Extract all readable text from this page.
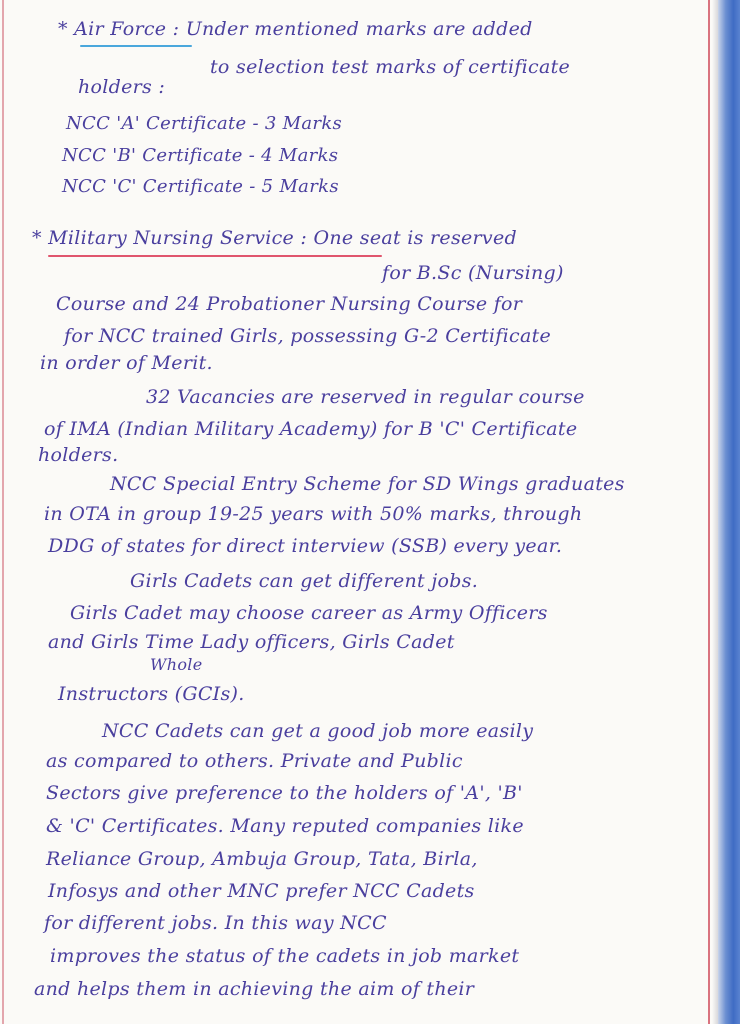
* Air Force : Under mentioned marks are added
to selection test marks of certificate
holders :
NCC 'A' Certificate - 3 Marks
NCC 'B' Certificate - 4 Marks
NCC 'C' Certificate - 5 Marks
* Military Nursing Service : One seat is reserved
for B.Sc (Nursing)
Course and 24 Probationer Nursing Course for
for NCC trained Girls, possessing G-2 Certificate
in order of Merit.
32 Vacancies are reserved in regular course
of IMA (Indian Military Academy) for B 'C' Certificate
holders.
NCC Special Entry Scheme for SD Wings graduates
in OTA in group 19-25 years with 50% marks, through
DDG of states for direct interview (SSB) every year.
Girls Cadets can get different jobs.
Girls Cadet may choose career as Army Officers
and Girls Time Lady officers, Girls Cadet
Whole
Instructors (GCIs).
NCC Cadets can get a good job more easily
as compared to others. Private and Public
Sectors give preference to the holders of 'A', 'B'
& 'C' Certificates. Many reputed companies like
Reliance Group, Ambuja Group, Tata, Birla,
Infosys and other MNC prefer NCC Cadets
for different jobs. In this way NCC
improves the status of the cadets in job market
and helps them in achieving the aim of their
